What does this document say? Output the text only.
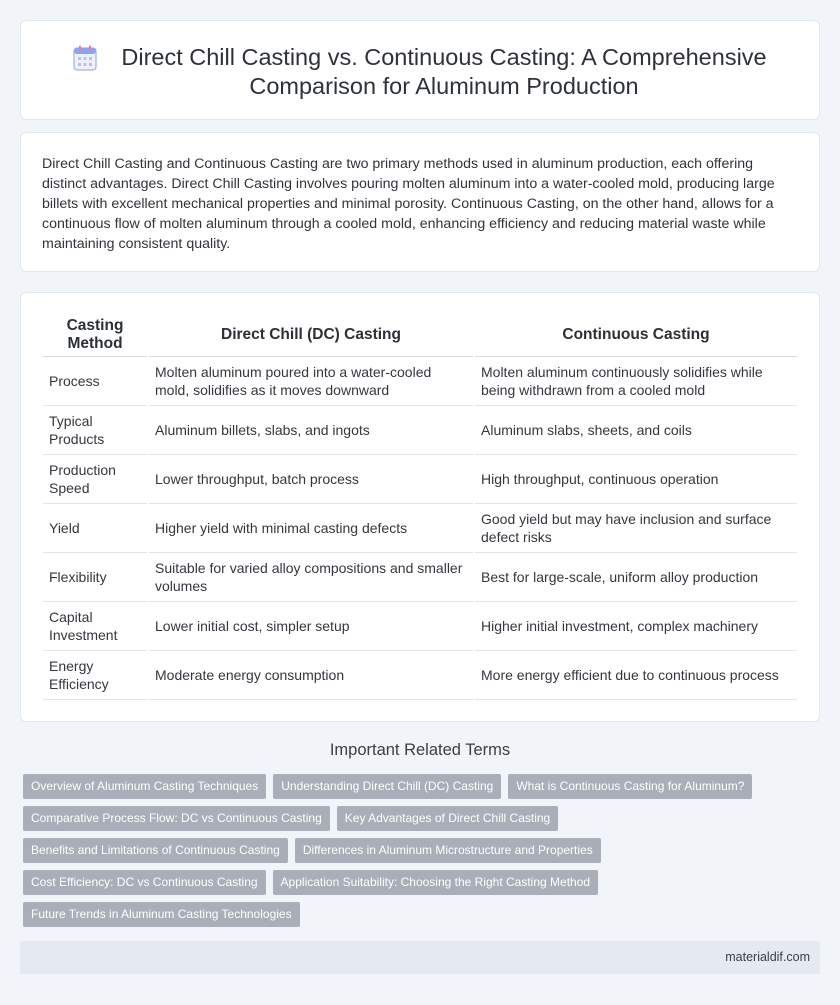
Direct Chill Casting vs. Continuous Casting: A Comprehensive Comparison for Aluminum Production

Direct Chill Casting and Continuous Casting are two primary methods used in aluminum production, each offering distinct advantages. Direct Chill Casting involves pouring molten aluminum into a water-cooled mold, producing large billets with excellent mechanical properties and minimal porosity. Continuous Casting, on the other hand, allows for a continuous flow of molten aluminum through a cooled mold, enhancing efficiency and reducing material waste while maintaining consistent quality.

Casting Method	Direct Chill (DC) Casting	Continuous Casting
Process	Molten aluminum poured into a water-cooled mold, solidifies as it moves downward	Molten aluminum continuously solidifies while being withdrawn from a cooled mold
Typical Products	Aluminum billets, slabs, and ingots	Aluminum slabs, sheets, and coils
Production Speed	Lower throughput, batch process	High throughput, continuous operation
Yield	Higher yield with minimal casting defects	Good yield but may have inclusion and surface defect risks
Flexibility	Suitable for varied alloy compositions and smaller volumes	Best for large-scale, uniform alloy production
Capital Investment	Lower initial cost, simpler setup	Higher initial investment, complex machinery
Energy Efficiency	Moderate energy consumption	More energy efficient due to continuous process
Important Related Terms
Overview of Aluminum Casting Techniques	Understanding Direct Chill (DC) Casting	What is Continuous Casting for Aluminum?
Comparative Process Flow: DC vs Continuous Casting	Key Advantages of Direct Chill Casting
Benefits and Limitations of Continuous Casting	Differences in Aluminum Microstructure and Properties
Cost Efficiency: DC vs Continuous Casting	Application Suitability: Choosing the Right Casting Method
Future Trends in Aluminum Casting Technologies
materialdif.com
